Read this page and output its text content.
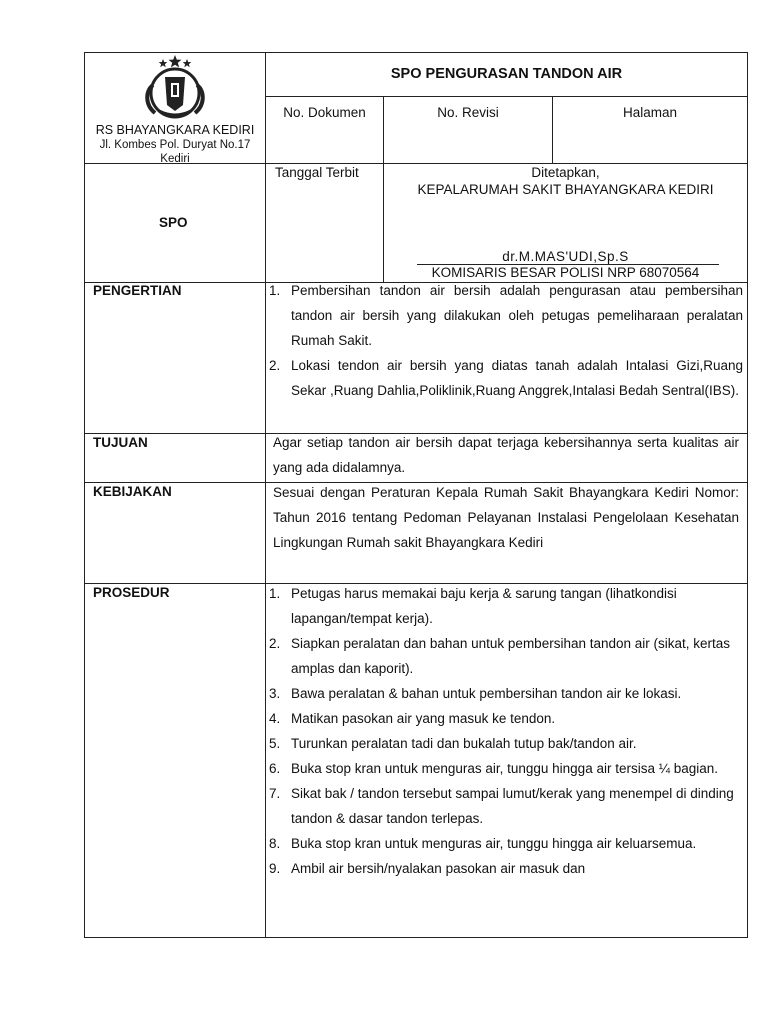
RS BHAYANGKARA KEDIRI
Jl. Kombes Pol. Duryat No.17
Kediri
SPO PENGURASAN TANDON AIR
No. Dokumen	No. Revisi	Halaman
SPO
Tanggal Terbit	Ditetapkan,
KEPALARUMAH SAKIT BHAYANGKARA KEDIRI
dr.M.MAS'UDI,Sp.S
KOMISARIS BESAR POLISI NRP 68070564
PENGERTIAN	1. Pembersihan tandon air bersih adalah pengurasan atau pembersihan tandon air bersih yang dilakukan oleh petugas pemeliharaan peralatan Rumah Sakit.
2. Lokasi tendon air bersih yang diatas tanah adalah Intalasi Gizi,Ruang Sekar ,Ruang Dahlia,Poliklinik,Ruang Anggrek,Intalasi Bedah Sentral(IBS).
TUJUAN	Agar setiap tandon air bersih dapat terjaga kebersihannya serta kualitas air yang ada didalamnya.
KEBIJAKAN	Sesuai dengan Peraturan Kepala Rumah Sakit Bhayangkara Kediri Nomor: Tahun 2016 tentang Pedoman Pelayanan Instalasi Pengelolaan Kesehatan Lingkungan Rumah sakit Bhayangkara Kediri
PROSEDUR	1. Petugas harus memakai baju kerja & sarung tangan (lihatkondisi lapangan/tempat kerja).
2. Siapkan peralatan dan bahan untuk pembersihan tandon air (sikat, kertas amplas dan kaporit).
3. Bawa peralatan & bahan untuk pembersihan tandon air ke lokasi.
4. Matikan pasokan air yang masuk ke tendon.
5. Turunkan peralatan tadi dan bukalah tutup bak/tandon air.
6. Buka stop kran untuk menguras air, tunggu hingga air tersisa ¼ bagian.
7. Sikat bak / tandon tersebut sampai lumut/kerak yang menempel di dinding tandon & dasar tandon terlepas.
8. Buka stop kran untuk menguras air, tunggu hingga air keluarsemua.
9. Ambil air bersih/nyalakan pasokan air masuk dan
